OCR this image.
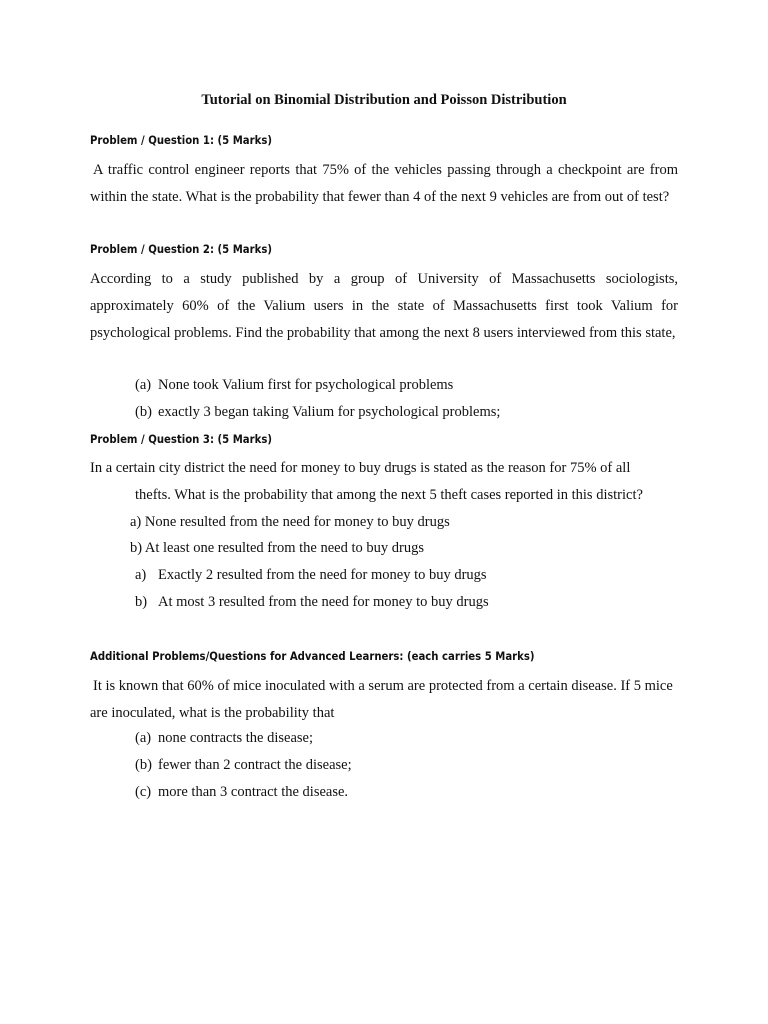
Tutorial on Binomial Distribution and Poisson Distribution
Problem / Question 1: (5 Marks)
A traffic control engineer reports that 75% of the vehicles passing through a checkpoint are from within the state. What is the probability that fewer than 4 of the next 9 vehicles are from out of test?
Problem / Question 2: (5 Marks)
According to a study published by a group of University of Massachusetts sociologists, approximately 60% of the Valium users in the state of Massachusetts first took Valium for psychological problems. Find the probability that among the next 8 users interviewed from this state,
(a) None took Valium first for psychological problems
(b) exactly 3 began taking Valium for psychological problems;
Problem / Question 3: (5 Marks)
In a certain city district the need for money to buy drugs is stated as the reason for 75% of all
thefts. What is the probability that among the next 5 theft cases reported in this district?
a) None resulted from the need for money to buy drugs
b) At least one resulted from the need to buy drugs
a) Exactly 2 resulted from the need for money to buy drugs
b) At most 3 resulted from the need for money to buy drugs
Additional Problems/Questions for Advanced Learners: (each carries 5 Marks)
It is known that 60% of mice inoculated with a serum are protected from a certain disease. If 5 mice are inoculated, what is the probability that
(a) none contracts the disease;
(b) fewer than 2 contract the disease;
(c) more than 3 contract the disease.
